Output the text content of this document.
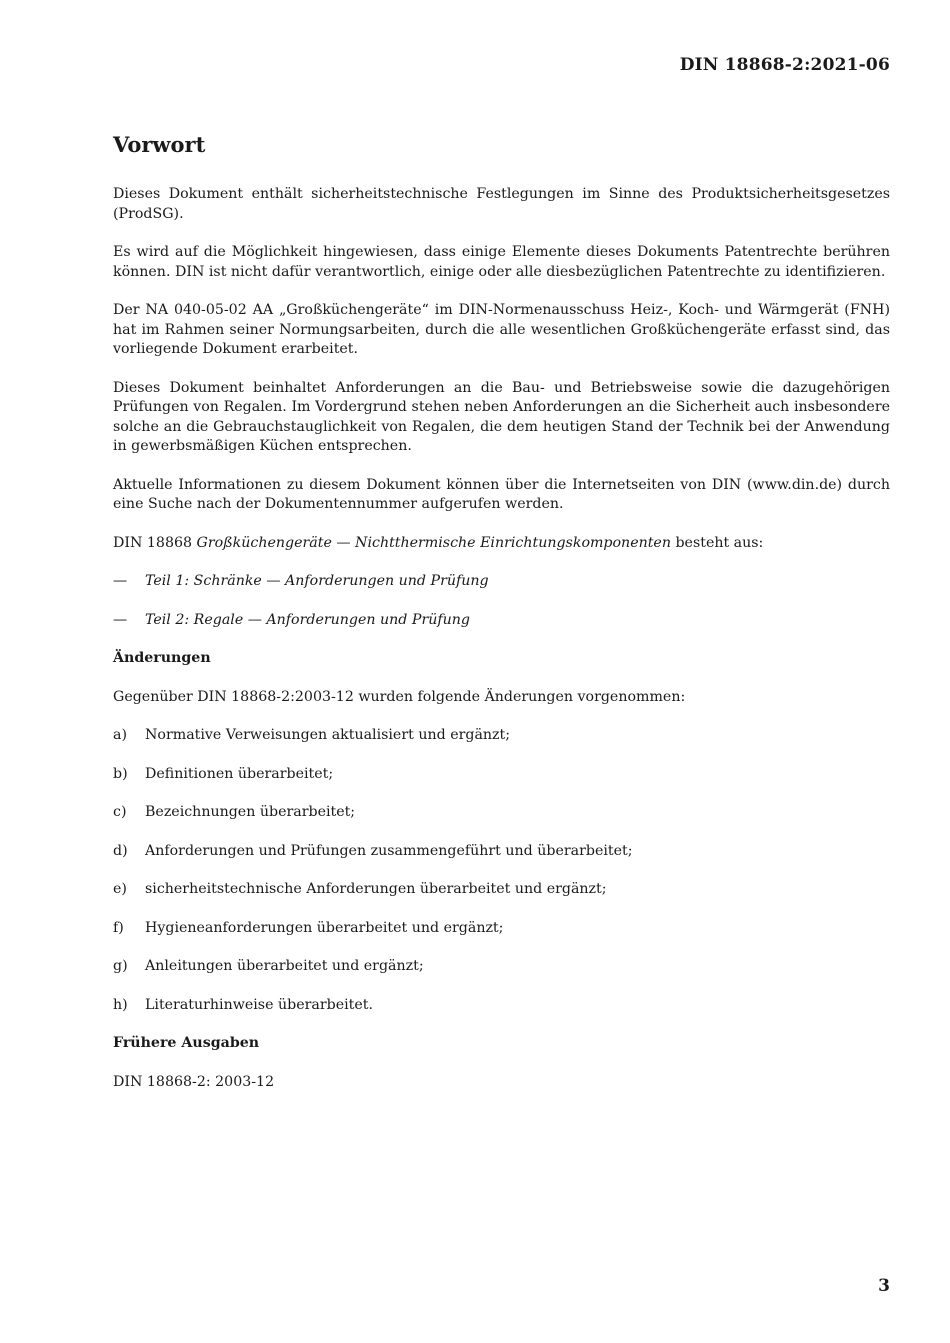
DIN 18868-2:2021-06
Vorwort

Dieses Dokument enthält sicherheitstechnische Festlegungen im Sinne des Produktsicherheitsgesetzes (ProdSG).

Es wird auf die Möglichkeit hingewiesen, dass einige Elemente dieses Dokuments Patentrechte berühren können. DIN ist nicht dafür verantwortlich, einige oder alle diesbezüglichen Patentrechte zu identifizieren.

Der NA 040-05-02 AA „Großküchengeräte“ im DIN-Normenausschuss Heiz-, Koch- und Wärmgerät (FNH) hat im Rahmen seiner Normungsarbeiten, durch die alle wesentlichen Großküchengeräte erfasst sind, das vorliegende Dokument erarbeitet.

Dieses Dokument beinhaltet Anforderungen an die Bau- und Betriebsweise sowie die dazugehörigen Prüfungen von Regalen. Im Vordergrund stehen neben Anforderungen an die Sicherheit auch insbesondere solche an die Gebrauchstauglichkeit von Regalen, die dem heutigen Stand der Technik bei der Anwendung in gewerbsmäßigen Küchen entsprechen.

Aktuelle Informationen zu diesem Dokument können über die Internetseiten von DIN (www.din.de) durch eine Suche nach der Dokumentennummer aufgerufen werden.

DIN 18868 Großküchengeräte — Nichtthermische Einrichtungskomponenten besteht aus:

—	Teil 1: Schränke — Anforderungen und Prüfung
—	Teil 2: Regale — Anforderungen und Prüfung
Änderungen

Gegenüber DIN 18868-2:2003-12 wurden folgende Änderungen vorgenommen:

a)	Normative Verweisungen aktualisiert und ergänzt;
b)	Definitionen überarbeitet;
c)	Bezeichnungen überarbeitet;
d)	Anforderungen und Prüfungen zusammengeführt und überarbeitet;
e)	sicherheitstechnische Anforderungen überarbeitet und ergänzt;
f)	Hygieneanforderungen überarbeitet und ergänzt;
g)	Anleitungen überarbeitet und ergänzt;
h)	Literaturhinweise überarbeitet.
Frühere Ausgaben

DIN 18868-2: 2003-12

3
